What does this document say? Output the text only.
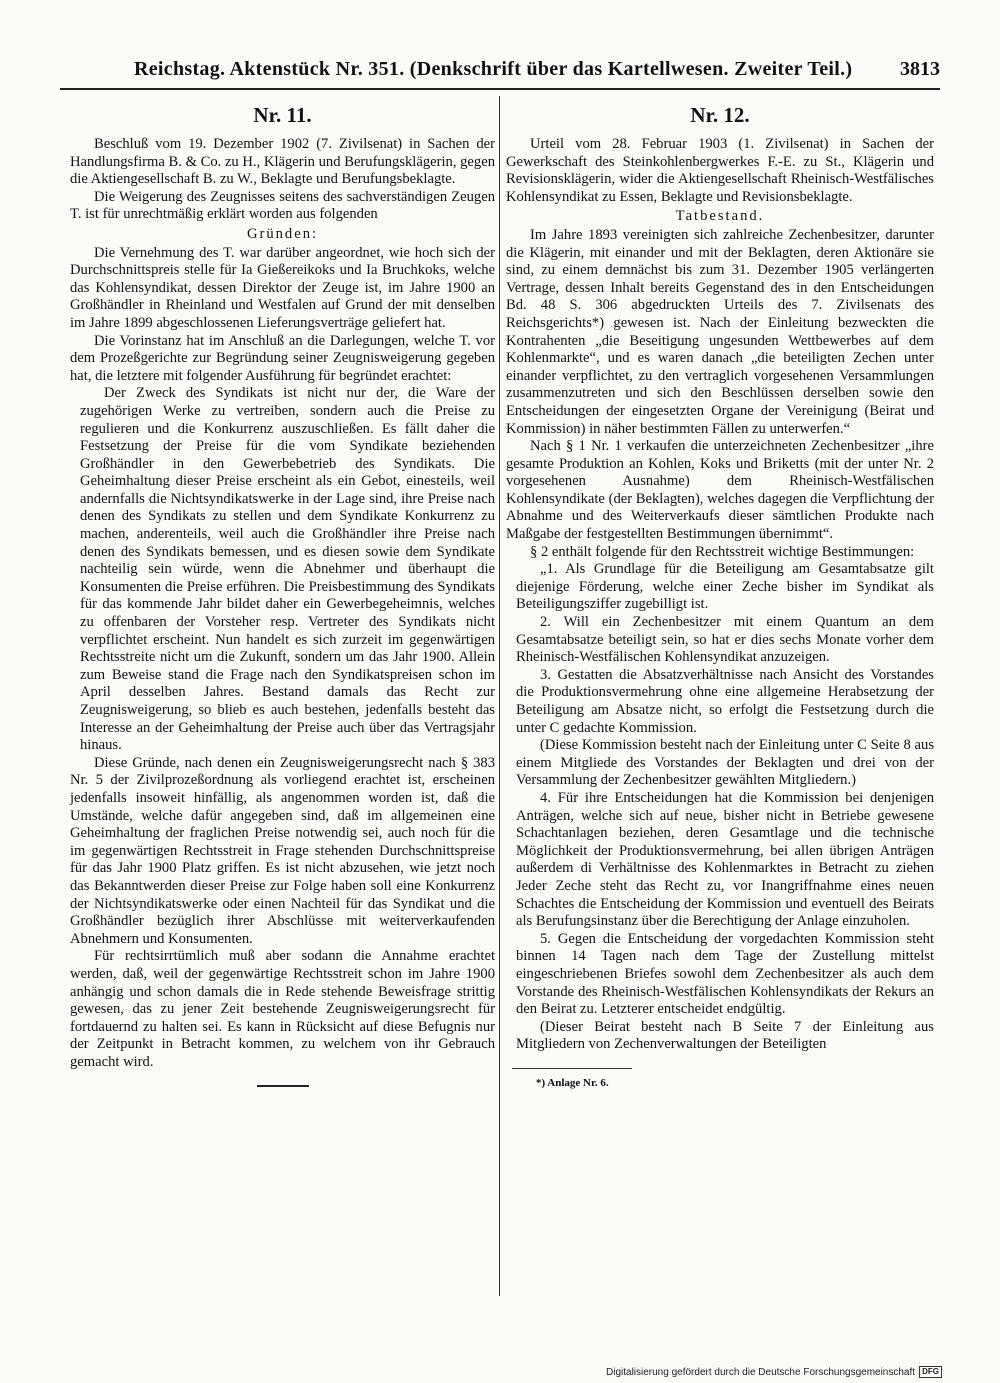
Reichstag. Aktenstück Nr. 351. (Denkschrift über das Kartellwesen. Zweiter Teil.) 3813
Nr. 11.

Beschluß vom 19. Dezember 1902 (7. Zivilsenat) in Sachen der Handlungsfirma B. & Co. zu H., Klägerin und Berufungsklägerin, gegen die Aktiengesellschaft B. zu W., Beklagte und Berufungsbeklagte.

Die Weigerung des Zeugnisses seitens des sachverständigen Zeugen T. ist für unrechtmäßig erklärt worden aus folgenden

Gründen:

Die Vernehmung des T. war darüber angeordnet, wie hoch sich der Durchschnittspreis stelle für Ia Gießereikoks und Ia Bruchkoks, welche das Kohlensyndikat, dessen Direktor der Zeuge ist, im Jahre 1900 an Großhändler in Rheinland und Westfalen auf Grund der mit denselben im Jahre 1899 abgeschlossenen Lieferungsverträge geliefert hat.

Die Vorinstanz hat im Anschluß an die Darlegungen, welche T. vor dem Prozeßgerichte zur Begründung seiner Zeugnisweigerung gegeben hat, die letztere mit folgender Ausführung für begründet erachtet:

Der Zweck des Syndikats ist nicht nur der, die Ware der zugehörigen Werke zu vertreiben, sondern auch die Preise zu regulieren und die Konkurrenz auszuschließen. Es fällt daher die Festsetzung der Preise für die vom Syndikate beziehenden Großhändler in den Gewerbebetrieb des Syndikats. Die Geheimhaltung dieser Preise erscheint als ein Gebot, einesteils, weil andernfalls die Nichtsyndikatswerke in der Lage sind, ihre Preise nach denen des Syndikats zu stellen und dem Syndikate Konkurrenz zu machen, anderenteils, weil auch die Großhändler ihre Preise nach denen des Syndikats bemessen, und es diesen sowie dem Syndikate nachteilig sein würde, wenn die Abnehmer und überhaupt die Konsumenten die Preise erführen. Die Preisbestimmung des Syndikats für das kommende Jahr bildet daher ein Gewerbegeheimnis, welches zu offenbaren der Vorsteher resp. Vertreter des Syndikats nicht verpflichtet erscheint. Nun handelt es sich zurzeit im gegenwärtigen Rechtsstreite nicht um die Zukunft, sondern um das Jahr 1900. Allein zum Beweise stand die Frage nach den Syndikatspreisen schon im April desselben Jahres. Bestand damals das Recht zur Zeugnisweigerung, so blieb es auch bestehen, jedenfalls besteht das Interesse an der Geheimhaltung der Preise auch über das Vertragsjahr hinaus.

Diese Gründe, nach denen ein Zeugnisweigerungsrecht nach § 383 Nr. 5 der Zivilprozeßordnung als vorliegend erachtet ist, erscheinen jedenfalls insoweit hinfällig, als angenommen worden ist, daß die Umstände, welche dafür angegeben sind, daß im allgemeinen eine Geheimhaltung der fraglichen Preise notwendig sei, auch noch für die im gegenwärtigen Rechtsstreit in Frage stehenden Durchschnittspreise für das Jahr 1900 Platz griffen. Es ist nicht abzusehen, wie jetzt noch das Bekanntwerden dieser Preise zur Folge haben soll eine Konkurrenz der Nichtsyndikatswerke oder einen Nachteil für das Syndikat und die Großhändler bezüglich ihrer Abschlüsse mit weiterverkaufenden Abnehmern und Konsumenten.

Für rechtsirrtümlich muß aber sodann die Annahme erachtet werden, daß, weil der gegenwärtige Rechtsstreit schon im Jahre 1900 anhängig und schon damals die in Rede stehende Beweisfrage strittig gewesen, das zu jener Zeit bestehende Zeugnisweigerungsrecht für fortdauernd zu halten sei. Es kann in Rücksicht auf diese Befugnis nur der Zeitpunkt in Betracht kommen, zu welchem von ihr Gebrauch gemacht wird.

Nr. 12.

Urteil vom 28. Februar 1903 (1. Zivilsenat) in Sachen der Gewerkschaft des Steinkohlenbergwerkes F.-E. zu St., Klägerin und Revisionsklägerin, wider die Aktiengesellschaft Rheinisch-Westfälisches Kohlensyndikat zu Essen, Beklagte und Revisionsbeklagte.

Tatbestand.

Im Jahre 1893 vereinigten sich zahlreiche Zechenbesitzer, darunter die Klägerin, mit einander und mit der Beklagten, deren Aktionäre sie sind, zu einem demnächst bis zum 31. Dezember 1905 verlängerten Vertrage, dessen Inhalt bereits Gegenstand des in den Entscheidungen Bd. 48 S. 306 abgedruckten Urteils des 7. Zivilsenats des Reichsgerichts*) gewesen ist. Nach der Einleitung bezweckten die Kontrahenten „die Beseitigung ungesunden Wettbewerbes auf dem Kohlenmarkte“, und es waren danach „die beteiligten Zechen unter einander verpflichtet, zu den vertraglich vorgesehenen Versammlungen zusammenzutreten und sich den Beschlüssen derselben sowie den Entscheidungen der eingesetzten Organe der Vereinigung (Beirat und Kommission) in näher bestimmten Fällen zu unterwerfen.“

Nach § 1 Nr. 1 verkaufen die unterzeichneten Zechenbesitzer „ihre gesamte Produktion an Kohlen, Koks und Briketts (mit der unter Nr. 2 vorgesehenen Ausnahme) dem Rheinisch-Westfälischen Kohlensyndikate (der Beklagten), welches dagegen die Verpflichtung der Abnahme und des Weiterverkaufs dieser sämtlichen Produkte nach Maßgabe der festgestellten Bestimmungen übernimmt“.

§ 2 enthält folgende für den Rechtsstreit wichtige Bestimmungen:

„1. Als Grundlage für die Beteiligung am Gesamtabsatze gilt diejenige Förderung, welche einer Zeche bisher im Syndikat als Beteiligungsziffer zugebilligt ist.

2. Will ein Zechenbesitzer mit einem Quantum an dem Gesamtabsatze beteiligt sein, so hat er dies sechs Monate vorher dem Rheinisch-Westfälischen Kohlensyndikat anzuzeigen.

3. Gestatten die Absatzverhältnisse nach Ansicht des Vorstandes die Produktionsvermehrung ohne eine allgemeine Herabsetzung der Beteiligung am Absatze nicht, so erfolgt die Festsetzung durch die unter C gedachte Kommission.

(Diese Kommission besteht nach der Einleitung unter C Seite 8 aus einem Mitgliede des Vorstandes der Beklagten und drei von der Versammlung der Zechenbesitzer gewählten Mitgliedern.)

4. Für ihre Entscheidungen hat die Kommission bei denjenigen Anträgen, welche sich auf neue, bisher nicht in Betriebe gewesene Schachtanlagen beziehen, deren Gesamtlage und die technische Möglichkeit der Produktionsvermehrung, bei allen übrigen Anträgen außerdem di Verhältnisse des Kohlenmarktes in Betracht zu ziehen Jeder Zeche steht das Recht zu, vor Inangriffnahme eines neuen Schachtes die Entscheidung der Kommission und eventuell des Beirats als Berufungsinstanz über die Berechtigung der Anlage einzuholen.

5. Gegen die Entscheidung der vorgedachten Kommission steht binnen 14 Tagen nach dem Tage der Zustellung mittelst eingeschriebenen Briefes sowohl dem Zechenbesitzer als auch dem Vorstande des Rheinisch-Westfälischen Kohlensyndikats der Rekurs an den Beirat zu. Letzterer entscheidet endgültig.

(Dieser Beirat besteht nach B Seite 7 der Einleitung aus Mitgliedern von Zechenverwaltungen der Beteiligten

*) Anlage Nr. 6.
Digitalisierung gefördert durch die Deutsche Forschungsgemeinschaft DFG
